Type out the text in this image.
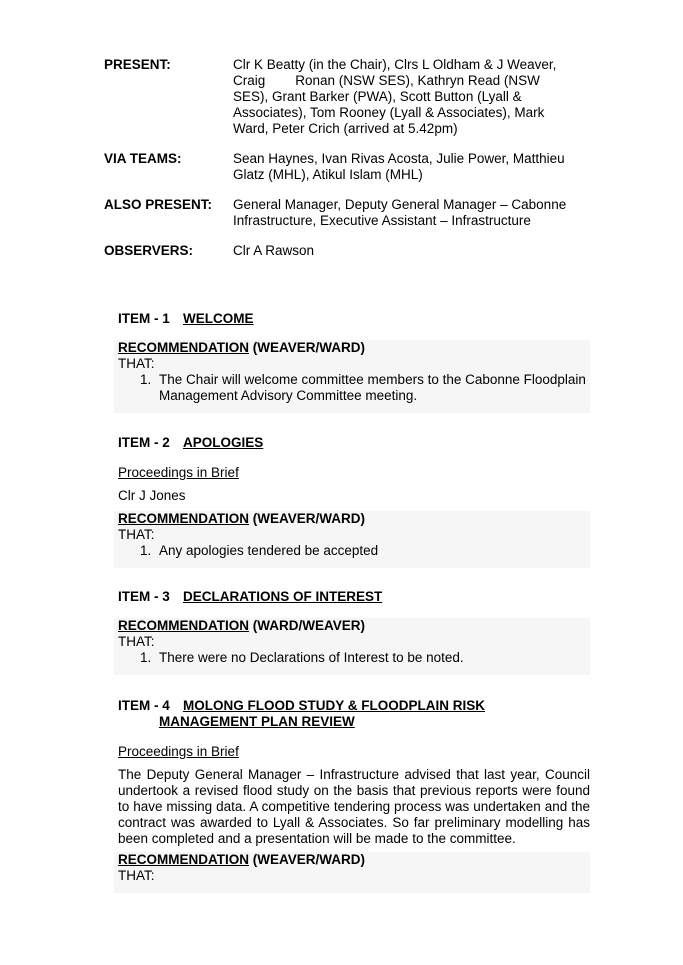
PRESENT:	Clr K Beatty (in the Chair), Clrs L Oldham & J Weaver, Craig        Ronan (NSW SES), Kathryn Read (NSW SES), Grant Barker (PWA), Scott Button (Lyall & Associates), Tom Rooney (Lyall & Associates), Mark Ward, Peter Crich (arrived at 5.42pm)
VIA TEAMS:	Sean Haynes, Ivan Rivas Acosta, Julie Power, Matthieu Glatz (MHL), Atikul Islam (MHL)
ALSO PRESENT:	General Manager, Deputy General Manager – Cabonne Infrastructure, Executive Assistant – Infrastructure
OBSERVERS:	Clr A Rawson

ITEM - 1 WELCOME

RECOMMENDATION (WEAVER/WARD)

THAT:

1. The Chair will welcome committee members to the Cabonne Floodplain Management Advisory Committee meeting.

ITEM - 2 APOLOGIES

Proceedings in Brief

Clr J Jones

RECOMMENDATION (WEAVER/WARD)

THAT:

1. Any apologies tendered be accepted

ITEM - 3 DECLARATIONS OF INTEREST

RECOMMENDATION (WARD/WEAVER)

THAT:

1. There were no Declarations of Interest to be noted.

ITEM - 4 MOLONG FLOOD STUDY & FLOODPLAIN RISK
MANAGEMENT PLAN REVIEW

Proceedings in Brief

The Deputy General Manager – Infrastructure advised that last year, Council undertook a revised flood study on the basis that previous reports were found to have missing data. A competitive tendering process was undertaken and the contract was awarded to Lyall & Associates. So far preliminary modelling has been completed and a presentation will be made to the committee.

RECOMMENDATION (WEAVER/WARD)

THAT:
